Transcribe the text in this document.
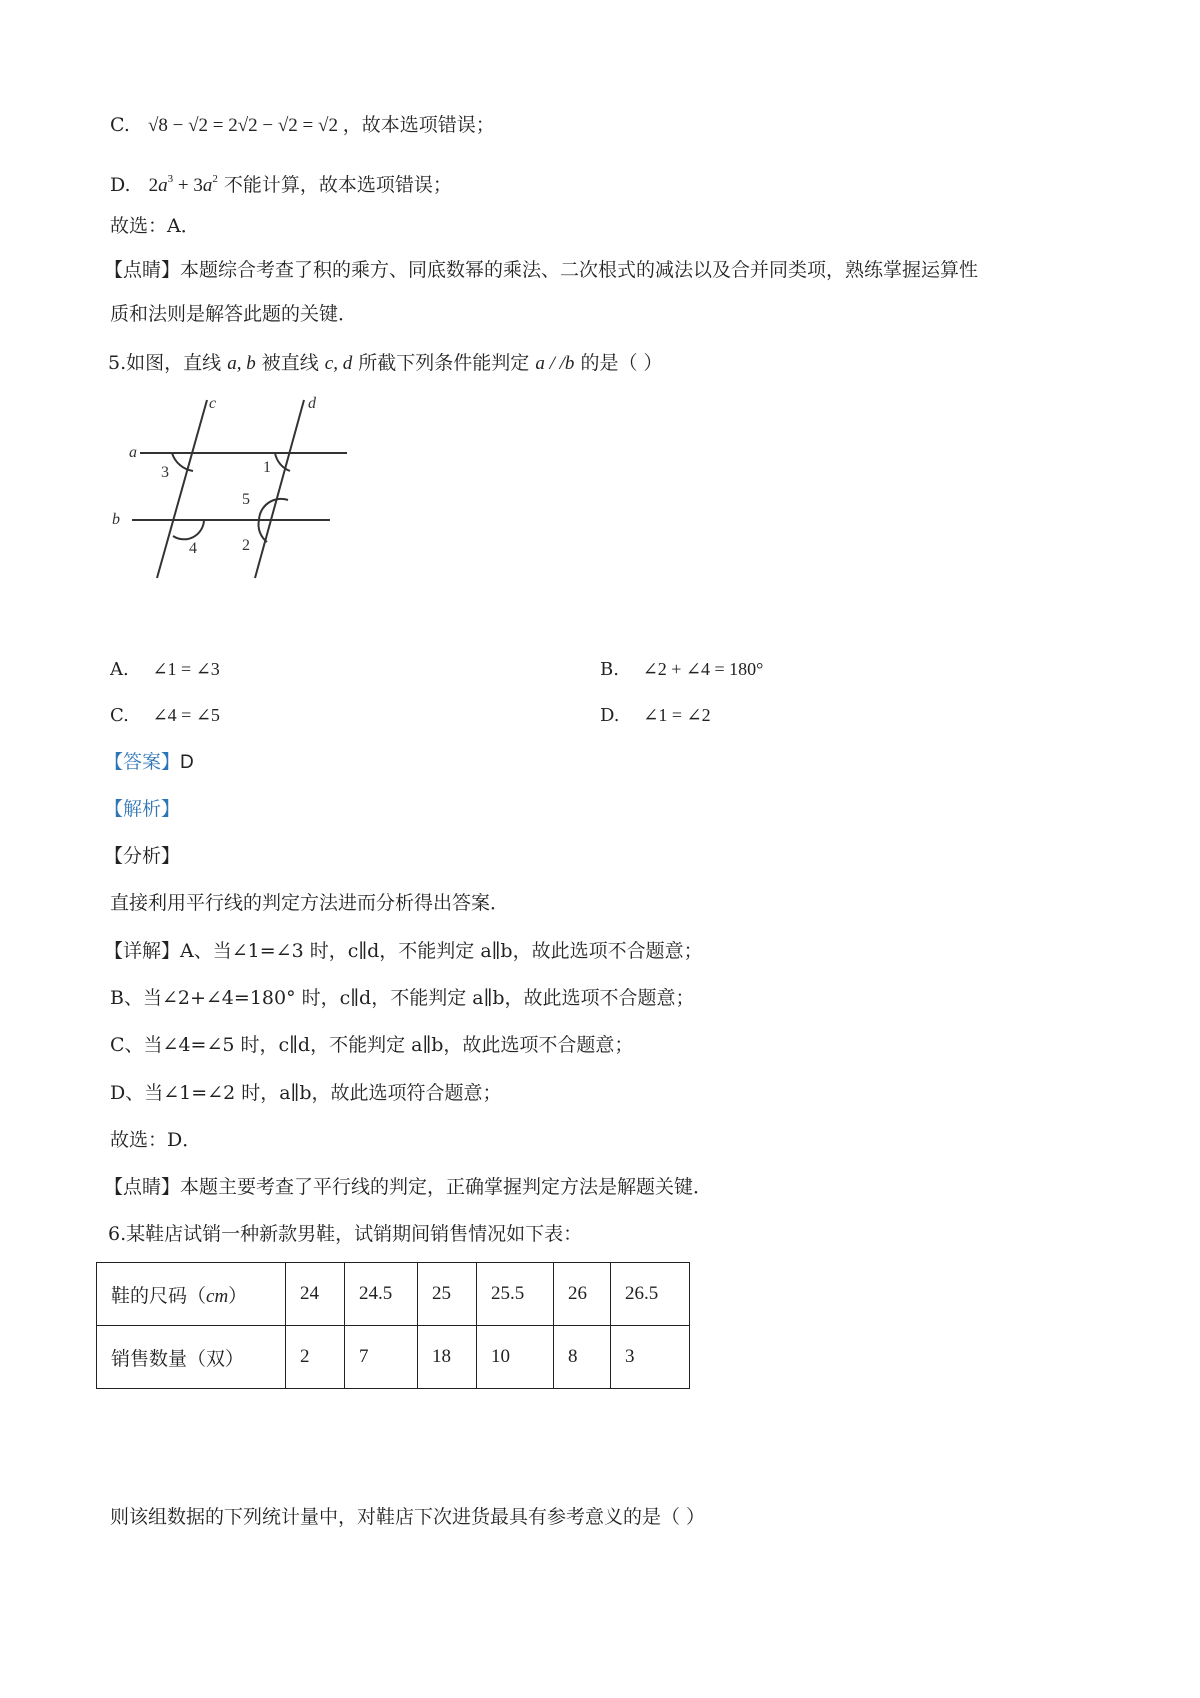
C. √8 − √2 = 2√2 − √2 = √2 ，故本选项错误；
D. $2a^3 + 3a^2$ 不能计算，故本选项错误；
故选：A．
【点睛】本题综合考查了积的乘方、同底数幂的乘法、二次根式的减法以及合并同类项，熟练掌握运算性
质和法则是解答此题的关键．
5.如图，直线 a, b 被直线 c, d 所截下列条件能判定 a / /b 的是（ ）
a
b
c	d
1
2
3
4
5
A. ∠1 = ∠3	B. ∠2 + ∠4 = 180°
C. ∠4 = ∠5	D. ∠1 = ∠2
【答案】D
【解析】
【分析】
直接利用平行线的判定方法进而分析得出答案．
【详解】A、当∠1=∠3 时，c∥d，不能判定 a∥b，故此选项不合题意；
B、当∠2+∠4=180° 时，c∥d，不能判定 a∥b，故此选项不合题意；
C、当∠4=∠5 时，c∥d，不能判定 a∥b，故此选项不合题意；
D、当∠1=∠2 时，a∥b，故此选项符合题意；
故选：D．
【点睛】本题主要考查了平行线的判定，正确掌握判定方法是解题关键．
6.某鞋店试销一种新款男鞋，试销期间销售情况如下表：
鞋的尺码（cm）	24	24.5	25	25.5	26	26.5
销售数量（双）	2	7	18	10	8	3
则该组数据的下列统计量中，对鞋店下次进货最具有参考意义的是（ ）
